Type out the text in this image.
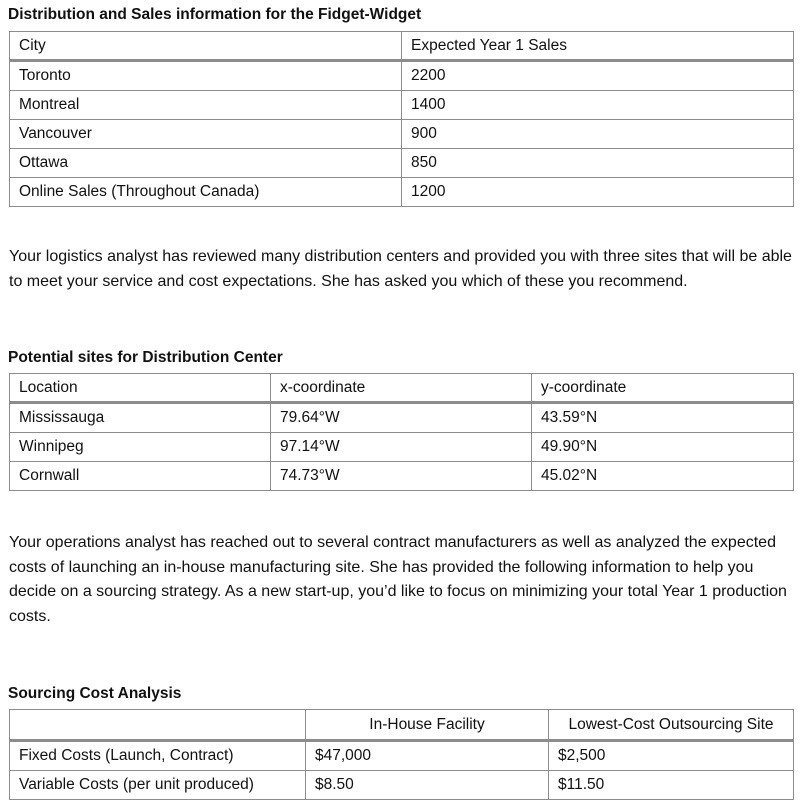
Distribution and Sales information for the Fidget-Widget
City	Expected Year 1 Sales
Toronto	2200
Montreal	1400
Vancouver	900
Ottawa	850
Online Sales (Throughout Canada)	1200
Your logistics analyst has reviewed many distribution centers and provided you with three sites that will be able to meet your service and cost expectations. She has asked you which of these you recommend.
Potential sites for Distribution Center
Location	x-coordinate	y-coordinate
Mississauga	79.64°W	43.59°N
Winnipeg	97.14°W	49.90°N
Cornwall	74.73°W	45.02°N
Your operations analyst has reached out to several contract manufacturers as well as analyzed the expected costs of launching an in-house manufacturing site. She has provided the following information to help you decide on a sourcing strategy. As a new start-up, you’d like to focus on minimizing your total Year 1 production costs.
Sourcing Cost Analysis
	In-House Facility	Lowest-Cost Outsourcing Site
Fixed Costs (Launch, Contract)	$47,000	$2,500
Variable Costs (per unit produced)	$8.50	$11.50
